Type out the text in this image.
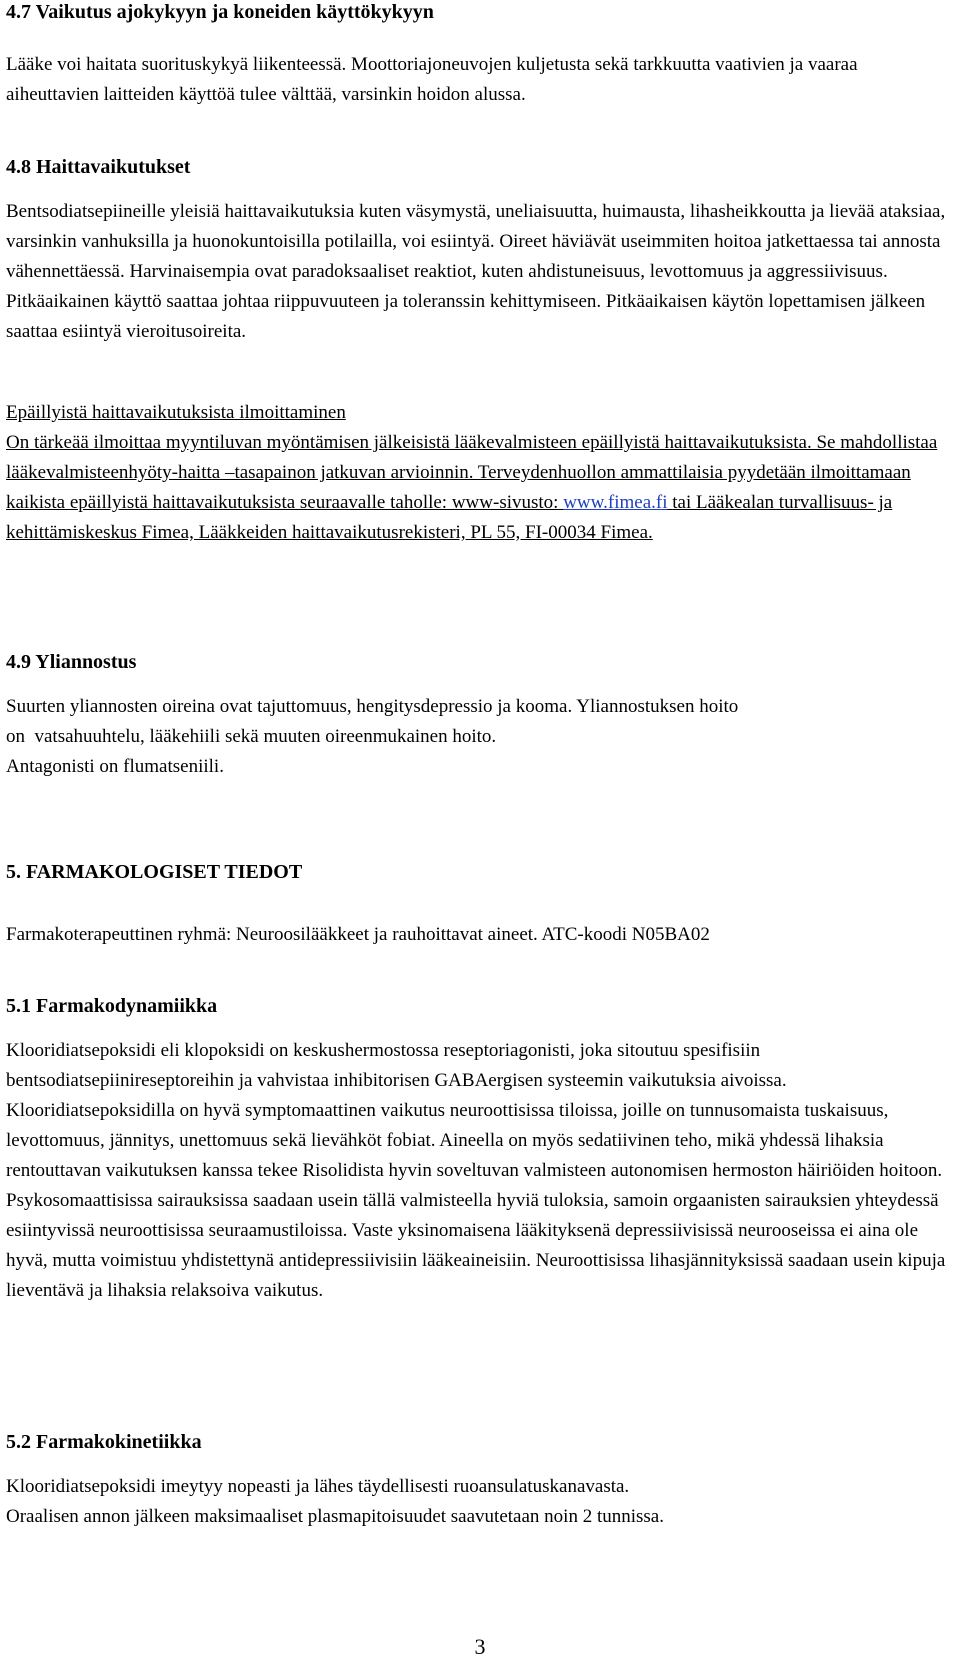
4.7 Vaikutus ajokykyyn ja koneiden käyttökykyyn

Lääke voi haitata suorituskykyä liikenteessä. Moottoriajoneuvojen kuljetusta sekä tarkkuutta vaativien ja vaaraa aiheuttavien laitteiden käyttöä tulee välttää, varsinkin hoidon alussa.

4.8 Haittavaikutukset

Bentsodiatsepiineille yleisiä haittavaikutuksia kuten väsymystä, uneliaisuutta, huimausta, lihasheikkoutta ja lievää ataksiaa, varsinkin vanhuksilla ja huonokuntoisilla potilailla, voi esiintyä. Oireet häviävät useimmiten hoitoa jatkettaessa tai annosta vähennettäessä. Harvinaisempia ovat paradoksaaliset reaktiot, kuten ahdistuneisuus, levottomuus ja aggressiivisuus. Pitkäaikainen käyttö saattaa johtaa riippuvuuteen ja toleranssin kehittymiseen. Pitkäaikaisen käytön lopettamisen jälkeen saattaa esiintyä vieroitusoireita.

Epäillyistä haittavaikutuksista ilmoittaminen
On tärkeää ilmoittaa myyntiluvan myöntämisen jälkeisistä lääkevalmisteen epäillyistä haittavaikutuksista. Se mahdollistaa lääkevalmisteenhyöty-haitta –tasapainon jatkuvan arvioinnin. Terveydenhuollon ammattilaisia pyydetään ilmoittamaan kaikista epäillyistä haittavaikutuksista seuraavalle taholle: www-sivusto: www.fimea.fi tai Lääkealan turvallisuus- ja kehittämiskeskus Fimea, Lääkkeiden haittavaikutusrekisteri, PL 55, FI-00034 Fimea.
4.9 Yliannostus
Suurten yliannosten oireina ovat tajuttomuus, hengitysdepressio ja kooma. Yliannostuksen hoito
on  vatsahuuhtelu, lääkehiili sekä muuten oireenmukainen hoito.
Antagonisti on flumatseniili.
5. FARMAKOLOGISET TIEDOT

Farmakoterapeuttinen ryhmä: Neuroosilääkkeet ja rauhoittavat aineet. ATC-koodi N05BA02

5.1 Farmakodynamiikka

Klooridiatsepoksidi eli klopoksidi on keskushermostossa reseptoriagonisti, joka sitoutuu spesifisiin bentsodiatsepiinireseptoreihin ja vahvistaa inhibitorisen GABAergisen systeemin vaikutuksia aivoissa. Klooridiatsepoksidilla on hyvä symptomaattinen vaikutus neuroottisissa tiloissa, joille on tunnusomaista tuskaisuus, levottomuus, jännitys, unettomuus sekä lievähköt fobiat. Aineella on myös sedatiivinen teho, mikä yhdessä lihaksia rentouttavan vaikutuksen kanssa tekee Risolidista hyvin soveltuvan valmisteen autonomisen hermoston häiriöiden hoitoon. Psykosomaattisissa sairauksissa saadaan usein tällä valmisteella hyviä tuloksia, samoin orgaanisten sairauksien yhteydessä esiintyvissä neuroottisissa seuraamustiloissa. Vaste yksinomaisena lääkityksenä depressiivisissä neurooseissa ei aina ole hyvä, mutta voimistuu yhdistettynä antidepressiivisiin lääkeaineisiin. Neuroottisissa lihasjännityksissä saadaan usein kipuja lieventävä ja lihaksia relaksoiva vaikutus.

5.2 Farmakokinetiikka
Klooridiatsepoksidi imeytyy nopeasti ja lähes täydellisesti ruoansulatuskanavasta.
Oraalisen annon jälkeen maksimaaliset plasmapitoisuudet saavutetaan noin 2 tunnissa.
3
